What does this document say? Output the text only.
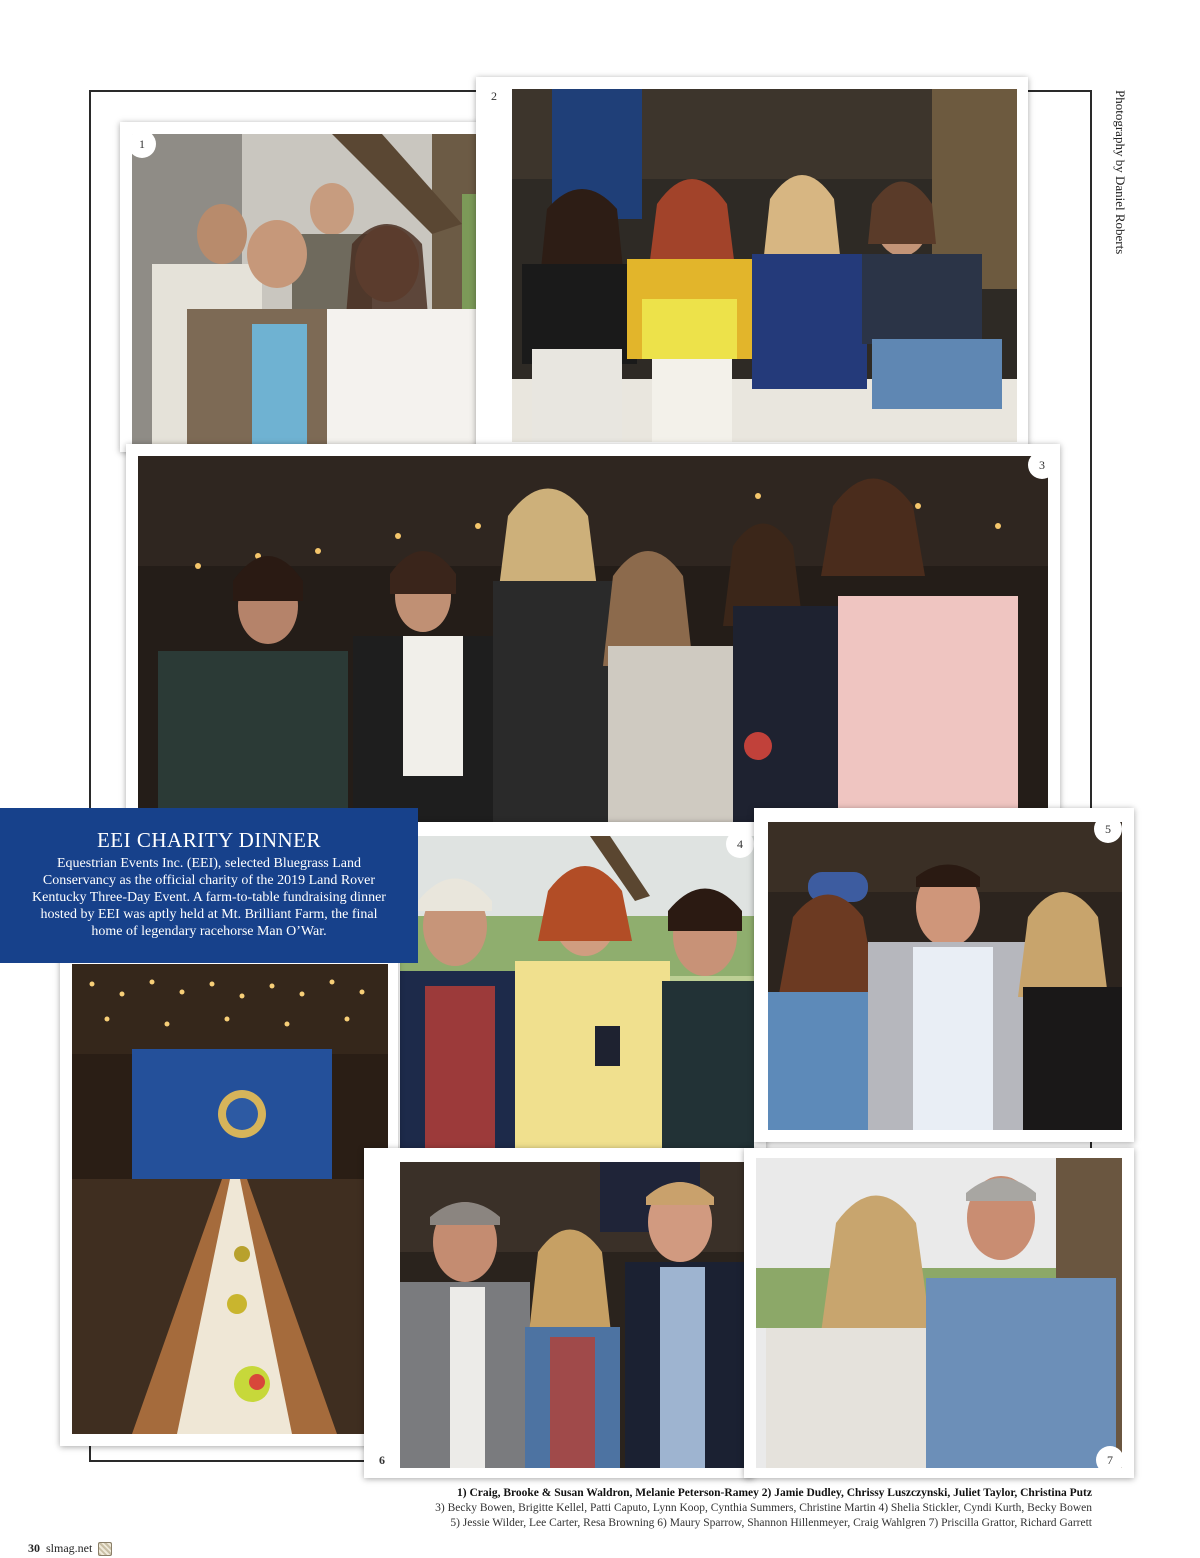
Photography by Daniel Roberts
1
2
3
4
5
6	7
EEI CHARITY DINNER

Equestrian Events Inc. (EEI), selected Bluegrass Land Conservancy as the official charity of the 2019 Land Rover Kentucky Three-Day Event. A farm-to-table fundraising dinner hosted by EEI was aptly held at Mt. Brilliant Farm, the final home of legendary racehorse Man O’War.

1) Craig, Brooke & Susan Waldron, Melanie Peterson-Ramey 2) Jamie Dudley, Chrissy Luszczynski, Juliet Taylor, Christina Putz
3) Becky Bowen, Brigitte Kellel, Patti Caputo, Lynn Koop, Cynthia Summers, Christine Martin 4) Shelia Stickler, Cyndi Kurth, Becky Bowen
5) Jessie Wilder, Lee Carter, Resa Browning 6) Maury Sparrow, Shannon Hillenmeyer, Craig Wahlgren 7) Priscilla Grattor, Richard Garrett
30 slmag.net
